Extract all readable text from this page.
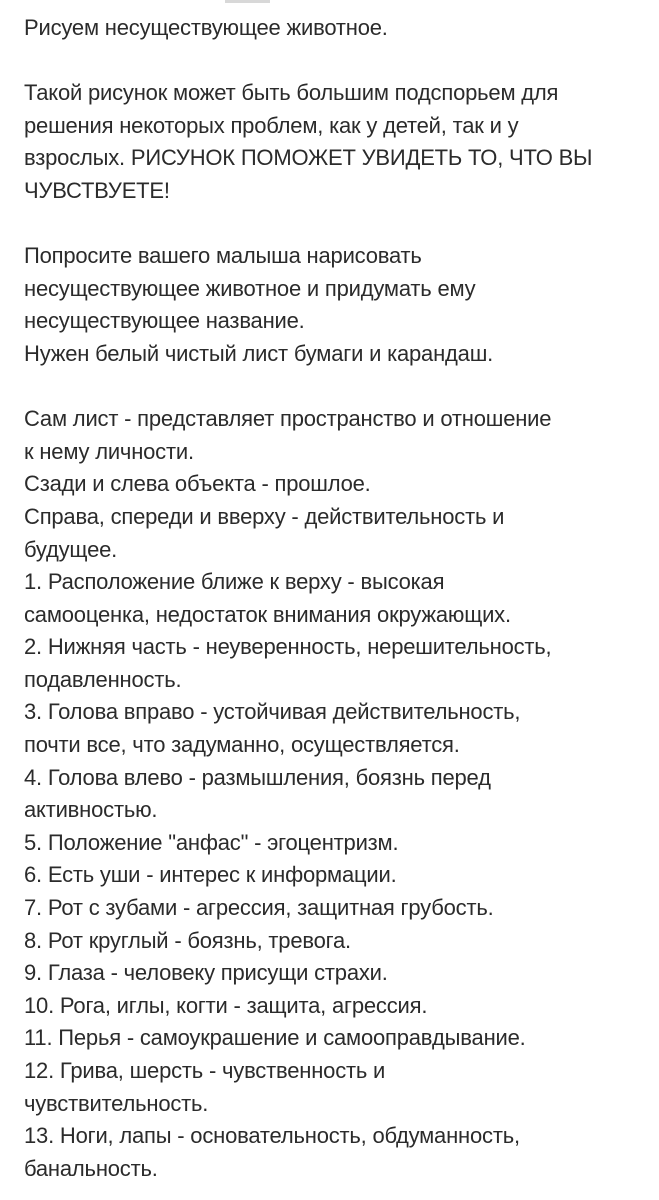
Рисуем несуществующее животное.
Такой рисунок может быть большим подспорьем для
решения некоторых проблем, как у детей, так и у
взрослых. РИСУНОК ПОМОЖЕТ УВИДЕТЬ ТО, ЧТО ВЫ
ЧУВСТВУЕТЕ!
Попросите вашего малыша нарисовать
несуществующее животное и придумать ему
несуществующее название.
Нужен белый чистый лист бумаги и карандаш.
Сам лист - представляет пространство и отношение
к нему личности.
Сзади и слева объекта - прошлое.
Справа, спереди и вверху - действительность и
будущее.
1. Расположение ближе к верху - высокая
самооценка, недостаток внимания окружающих.
2. Нижняя часть - неуверенность, нерешительность,
подавленность.
3. Голова вправо - устойчивая действительность,
почти все, что задуманно, осуществляется.
4. Голова влево - размышления, боязнь перед
активностью.
5. Положение "анфас" - эгоцентризм.
6. Есть уши - интерес к информации.
7. Рот с зубами - агрессия, защитная грубость.
8. Рот круглый - боязнь, тревога.
9. Глаза - человеку присущи страхи.
10. Рога, иглы, когти - защита, агрессия.
11. Перья - самоукрашение и самооправдывание.
12. Грива, шерсть - чувственность и
чувствительность.
13. Ноги, лапы - основательность, обдуманность,
банальность.
